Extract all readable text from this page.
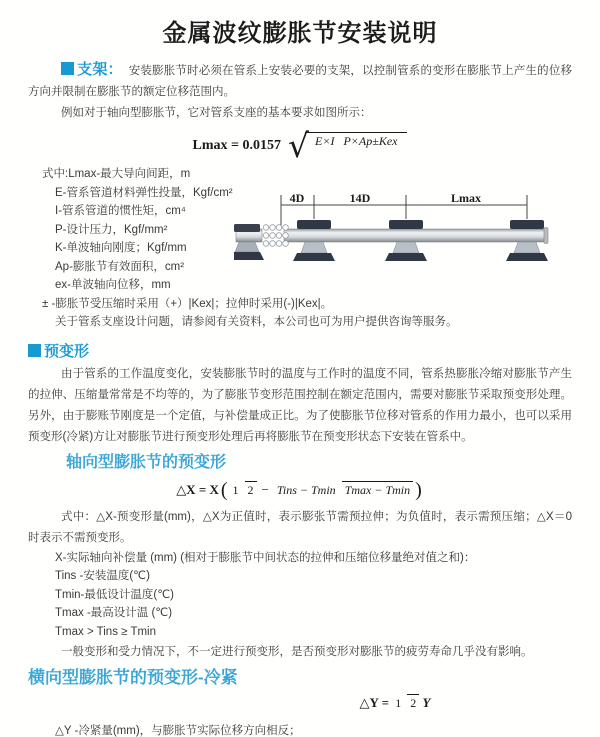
金属波纹膨胀节安装说明

支架： 安装膨胀节时必须在管系上安装必要的支架，以控制管系的变形在膨胀节上产生的位移方向并限制在膨胀节的额定位移范围内。

例如对于轴向型膨胀节，它对管系支座的基本要求如图所示：

Lmax = 0.0157 √ E×I P×Ap±Kex
式中:Lmax-最大导向间距，m
E-管系管道材料弹性投量，Kgf/cm²
I-管系管道的惯性矩，cm⁴
P-设计压力，Kgf/mm²
K-单波轴向刚度；Kgf/mm
Ap-膨胀节有效面积，cm²
ex-单波轴向位移，mm
± -膨胀节受压缩时采用（+）|Kex|；拉伸时采用(-)|Kex|。
关于管系支座设计问题，请参阅有关资料，本公司也可为用户提供咨询等服务。
4D	14D	Lmax
预变形

由于管系的工作温度变化，安装膨胀节时的温度与工作时的温度不同，管系热膨胀冷缩对膨胀节产生的拉伸、压缩量常常是不均等的，为了膨胀节变形范围控制在额定范围内，需要对膨胀节采取预变形处理。另外，由于膨账节刚度是一个定值，与补偿量成正比。为了使膨胀节位移对管系的作用力最小，也可以采用预变形(冷紧)方让对膨胀节进行预变形处理后再将膨胀节在预变形状态下安装在管系中。

轴向型膨胀节的预变形
△X = X ( 1 2 − Tins − Tmin Tmax − Tmin )

式中：△X-预变形量(mm)，△X为正值时，表示膨张节需预拉伸；为负值时，表示需预压缩；△X＝0时表示不需预变形。

X-实际轴向补偿量 (mm) (相对于膨胀节中间状态的拉伸和压缩位移量绝对值之和)：
Tins -安装温度(℃)
Tmin-最低设计温度(℃)
Tmax -最高设计温 (℃)
Tmax > Tins ≥ Tmin

一般变形和受力情况下，不一定进行预变形，是否预变形对膨胀节的疲劳寿命几乎没有影响。

横向型膨胀节的预变形-冷紧
△Y =
1 2
Y
△Y -冷紧量(mm)，与膨胀节实际位移方向相反；
